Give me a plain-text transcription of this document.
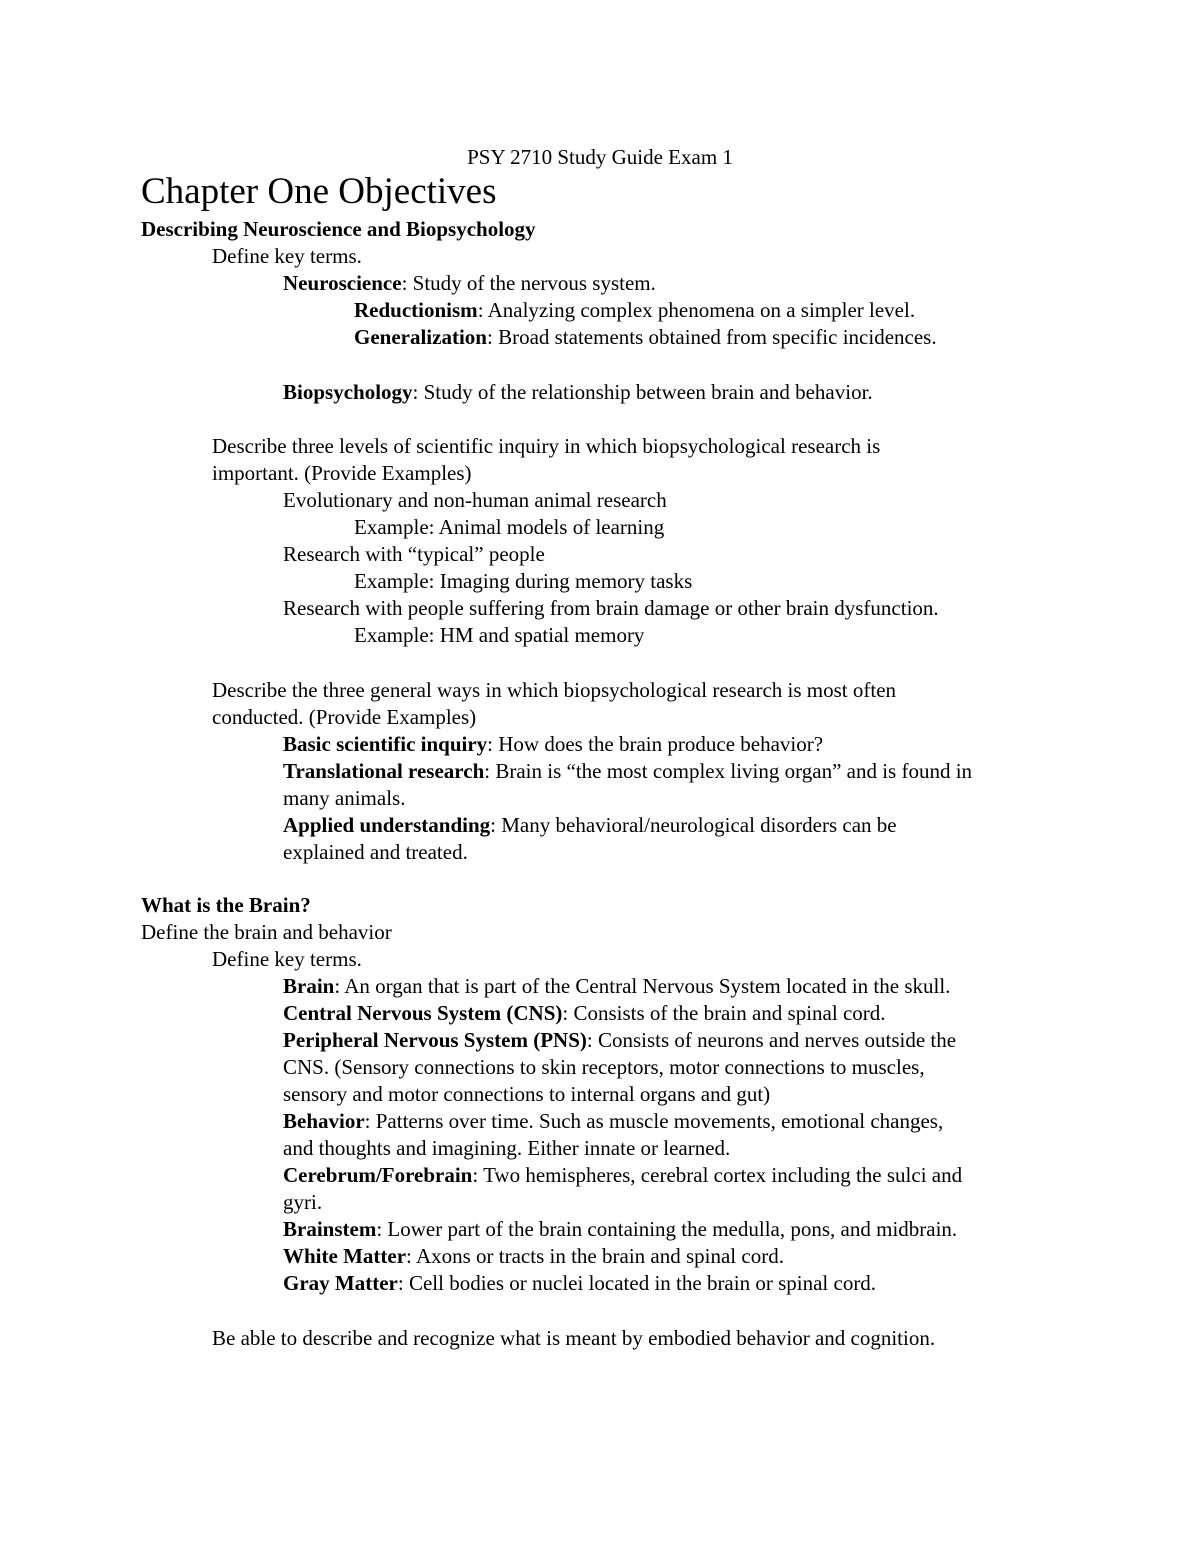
PSY 2710 Study Guide Exam 1
Chapter One Objectives
Describing Neuroscience and Biopsychology
Define key terms.
Neuroscience: Study of the nervous system.
Reductionism: Analyzing complex phenomena on a simpler level.
Generalization: Broad statements obtained from specific incidences.
Biopsychology: Study of the relationship between brain and behavior.
Describe three levels of scientific inquiry in which biopsychological research is
important. (Provide Examples)
Evolutionary and non-human animal research
Example: Animal models of learning
Research with “typical” people
Example: Imaging during memory tasks
Research with people suffering from brain damage or other brain dysfunction.
Example: HM and spatial memory
Describe the three general ways in which biopsychological research is most often
conducted. (Provide Examples)
Basic scientific inquiry: How does the brain produce behavior?
Translational research: Brain is “the most complex living organ” and is found in
many animals.
Applied understanding: Many behavioral/neurological disorders can be
explained and treated.
What is the Brain?
Define the brain and behavior
Define key terms.
Brain: An organ that is part of the Central Nervous System located in the skull.
Central Nervous System (CNS): Consists of the brain and spinal cord.
Peripheral Nervous System (PNS): Consists of neurons and nerves outside the
CNS. (Sensory connections to skin receptors, motor connections to muscles,
sensory and motor connections to internal organs and gut)
Behavior: Patterns over time. Such as muscle movements, emotional changes,
and thoughts and imagining. Either innate or learned.
Cerebrum/Forebrain: Two hemispheres, cerebral cortex including the sulci and
gyri.
Brainstem: Lower part of the brain containing the medulla, pons, and midbrain.
White Matter: Axons or tracts in the brain and spinal cord.
Gray Matter: Cell bodies or nuclei located in the brain or spinal cord.
Be able to describe and recognize what is meant by embodied behavior and cognition.
